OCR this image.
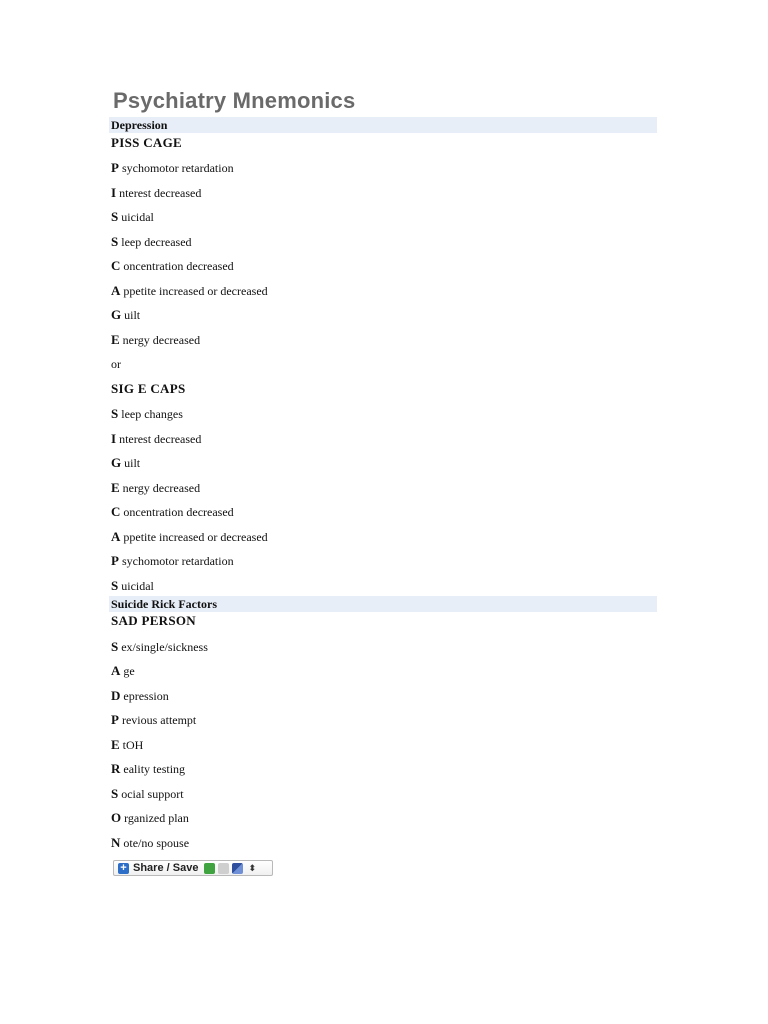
Psychiatry Mnemonics
Depression
PISS CAGE
P sychomotor retardation
I nterest decreased
S uicidal
S leep decreased
C oncentration decreased
A ppetite increased or decreased
G uilt
E nergy decreased
or
SIG E CAPS
S leep changes
I nterest decreased
G uilt
E nergy decreased
C oncentration decreased
A ppetite increased or decreased
P sychomotor retardation
S uicidal
Suicide Rick Factors
SAD PERSON
S ex/single/sickness
A ge
D epression
P revious attempt
E tOH
R eality testing
S ocial support
O rganized plan
N ote/no spouse
+ Share / Save	⬍
